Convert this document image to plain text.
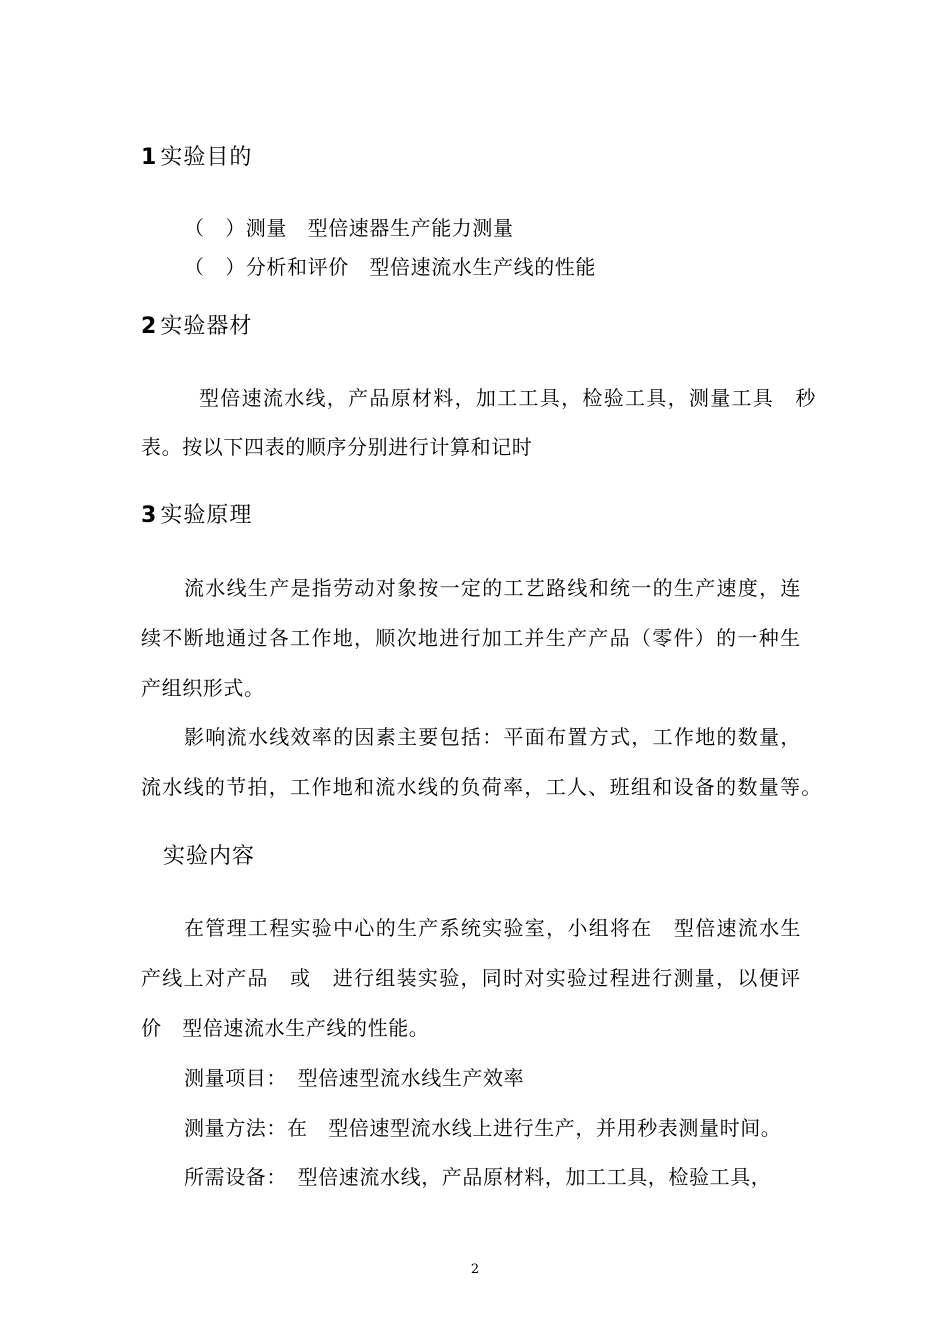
1 实验目的
（　）测量　型倍速器生产能力测量
（　）分析和评价　型倍速流水生产线的性能
2 实验器材
型倍速流水线，产品原材料，加工工具，检验工具，测量工具　秒
表。按以下四表的顺序分别进行计算和记时
3 实验原理
流水线生产是指劳动对象按一定的工艺路线和统一的生产速度，连
续不断地通过各工作地，顺次地进行加工并生产产品（零件）的一种生
产组织形式。
影响流水线效率的因素主要包括：平面布置方式，工作地的数量，
流水线的节拍，工作地和流水线的负荷率，工人、班组和设备的数量等。
实验内容
在管理工程实验中心的生产系统实验室，小组将在　型倍速流水生
产线上对产品　或　进行组装实验，同时对实验过程进行测量，以便评
价　型倍速流水生产线的性能。
测量项目：　型倍速型流水线生产效率
测量方法：在　型倍速型流水线上进行生产，并用秒表测量时间。
所需设备：　型倍速流水线，产品原材料，加工工具，检验工具，
2
